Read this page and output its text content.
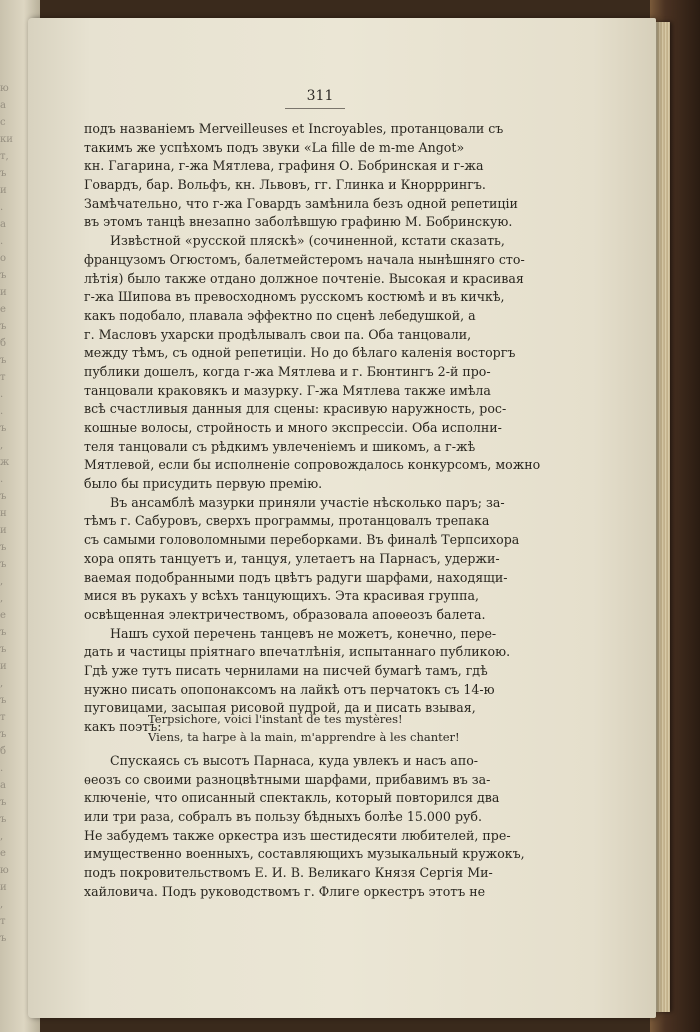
ю
а
с
ки
т,
ъ
и
.
а
.
о
ъ
и
е
ъ
б
ъ
т
.
.
ъ
,
ж
.
ъ
н
и
ъ
ъ
,
,
е
ъ
ъ
и
,
ъ
т
ъ
б
.
а
ъ
ъ
,
е
ю
и
,
т
ъ
311
подъ названіемъ Merveilleuses et Incroyables, протанцовали съ
такимъ же успѣхомъ подъ звуки «La fille de m-me Angot»
кн. Гагарина, г-жа Мятлева, графиня О. Бобринская и г-жа
Говардъ, бар. Вольфъ, кн. Львовъ, гг. Глинка и Кнорррингъ.
Замѣчательно, что г-жа Говардъ замѣнила безъ одной репетиціи
въ этомъ танцѣ внезапно заболѣвшую графиню М. Бобринскую.
Извѣстной «русской пляскѣ» (сочиненной, кстати сказать,
французомъ Огюстомъ, балетмейстеромъ начала нынѣшняго сто-
лѣтія) было также отдано должное почтеніе. Высокая и красивая
г-жа Шипова въ превосходномъ русскомъ костюмѣ и въ кичкѣ,
какъ подобало, плавала эффектно по сценѣ лебедушкой, а
г. Масловъ ухарски продѣлывалъ свои па. Оба танцовали,
между тѣмъ, съ одной репетиціи. Но до бѣлаго каленія восторгъ
публики дошелъ, когда г-жа Мятлева и г. Бюнтингъ 2-й про-
танцовали краковякъ и мазурку. Г-жа Мятлева также имѣла
всѣ счастливыя данныя для сцены: красивую наружность, рос-
кошные волосы, стройность и много экспрессіи. Оба исполни-
теля танцовали съ рѣдкимъ увлеченіемъ и шикомъ, а г-жѣ
Мятлевой, если бы исполненіе сопровождалось конкурсомъ, можно
было бы присудить первую премію.
Въ ансамблѣ мазурки приняли участіе нѣсколько паръ; за-
тѣмъ г. Сабуровъ, сверхъ программы, протанцовалъ трепака
съ самыми головоломными переборками. Въ финалѣ Терпсихора
хора опять танцуетъ и, танцуя, улетаетъ на Парнасъ, удержи-
ваемая подобранными подъ цвѣтъ радуги шарфами, находящи-
мися въ рукахъ у всѣхъ танцующихъ. Эта красивая группа,
освѣщенная электричествомъ, образовала апоѳеозъ балета.
Нашъ сухой перечень танцевъ не можетъ, конечно, пере-
дать и частицы пріятнаго впечатлѣнія, испытаннаго публикою.
Гдѣ уже тутъ писать чернилами на писчей бумагѣ тамъ, гдѣ
нужно писать опопонаксомъ на лайкѣ отъ перчатокъ съ 14-ю
пуговицами, засыпая рисовой пудрой, да и писать взывая,
какъ поэтъ:
Terpsichore, voici l'instant de tes mystères!
Viens, ta harpe à la main, m'apprendre à les chanter!
Спускаясь съ высотъ Парнаса, куда увлекъ и насъ апо-
ѳеозъ со своими разноцвѣтными шарфами, прибавимъ въ за-
ключеніе, что описанный спектакль, который повторился два
или три раза, собралъ въ пользу бѣдныхъ болѣе 15.000 руб.
Не забудемъ также оркестра изъ шестидесяти любителей, пре-
имущественно военныхъ, составляющихъ музыкальный кружокъ,
подъ покровительствомъ Е. И. В. Великаго Князя Сергія Ми-
хайловича. Подъ руководствомъ г. Флиге оркестръ этотъ не
